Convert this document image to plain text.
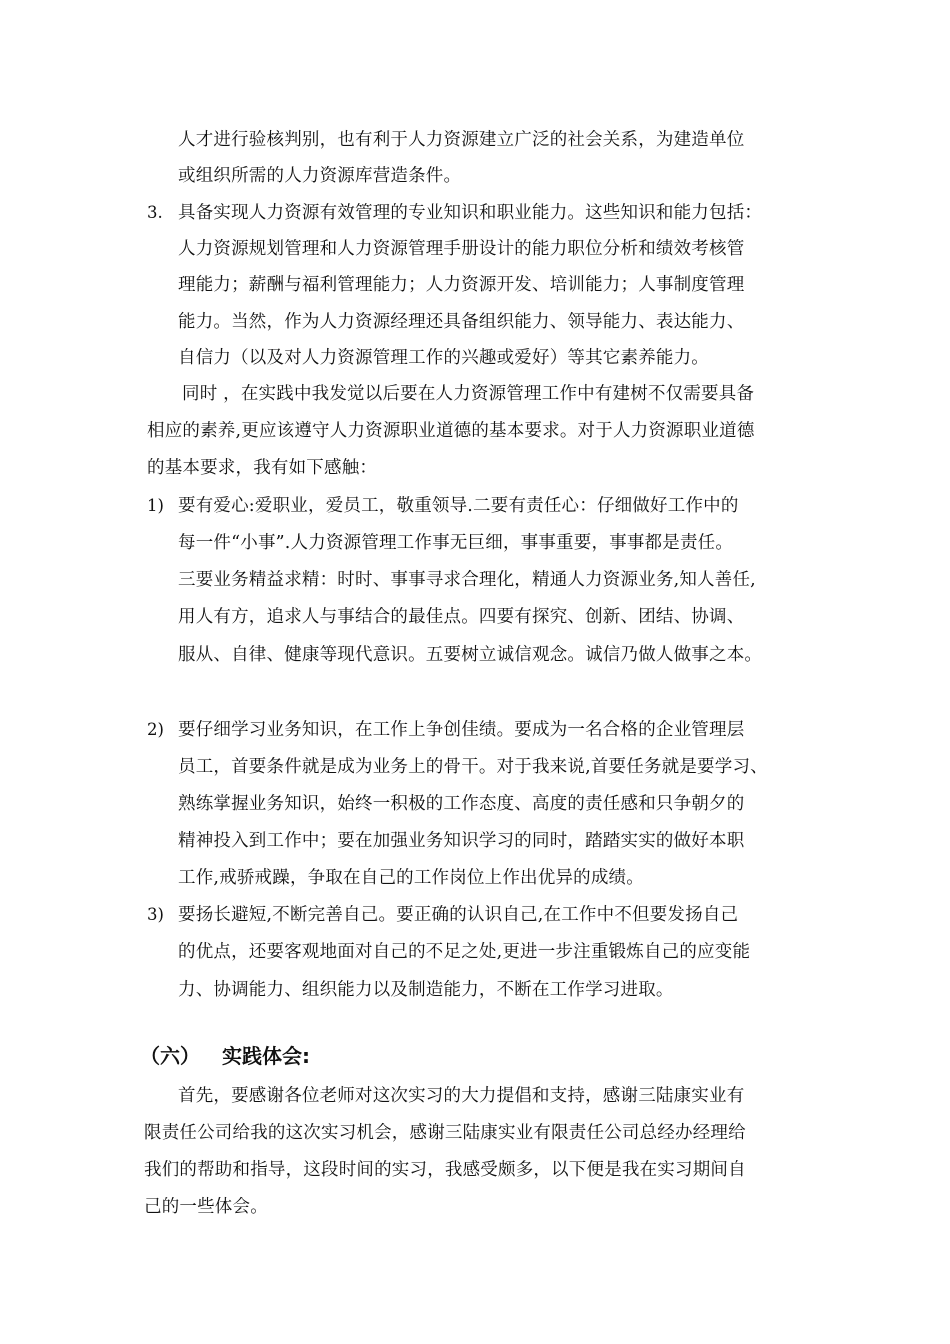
人才进行验核判别，也有利于人力资源建立广泛的社会关系，为建造单位
或组织所需的人力资源库营造条件。
3. 具备实现人力资源有效管理的专业知识和职业能力。这些知识和能力包括：
人力资源规划管理和人力资源管理手册设计的能力职位分析和绩效考核管
理能力；薪酬与福利管理能力；人力资源开发、培训能力；人事制度管理
能力。当然，作为人力资源经理还具备组织能力、领导能力、表达能力、
自信力（以及对人力资源管理工作的兴趣或爱好）等其它素养能力。
同时 ，在实践中我发觉以后要在人力资源管理工作中有建树不仅需要具备
相应的素养,更应该遵守人力资源职业道德的基本要求。对于人力资源职业道德
的基本要求，我有如下感触：
1) 要有爱心:爱职业，爱员工，敬重领导.二要有责任心：仔细做好工作中的
每一件“小事”.人力资源管理工作事无巨细，事事重要，事事都是责任。
三要业务精益求精：时时、事事寻求合理化，精通人力资源业务,知人善任,
用人有方，追求人与事结合的最佳点。四要有探究、创新、团结、协调、
服从、自律、健康等现代意识。五要树立诚信观念。诚信乃做人做事之本。
2) 要仔细学习业务知识，在工作上争创佳绩。要成为一名合格的企业管理层
员工，首要条件就是成为业务上的骨干。对于我来说,首要任务就是要学习、
熟练掌握业务知识，始终一积极的工作态度、高度的责任感和只争朝夕的
精神投入到工作中；要在加强业务知识学习的同时，踏踏实实的做好本职
工作,戒骄戒躁，争取在自己的工作岗位上作出优异的成绩。
3) 要扬长避短,不断完善自己。要正确的认识自己,在工作中不但要发扬自己
的优点，还要客观地面对自己的不足之处,更进一步注重锻炼自己的应变能
力、协调能力、组织能力以及制造能力，不断在工作学习进取。
（六） 实践体会:
首先，要感谢各位老师对这次实习的大力提倡和支持，感谢三陆康实业有
限责任公司给我的这次实习机会，感谢三陆康实业有限责任公司总经办经理给
我们的帮助和指导，这段时间的实习，我感受颇多，以下便是我在实习期间自
己的一些体会。
